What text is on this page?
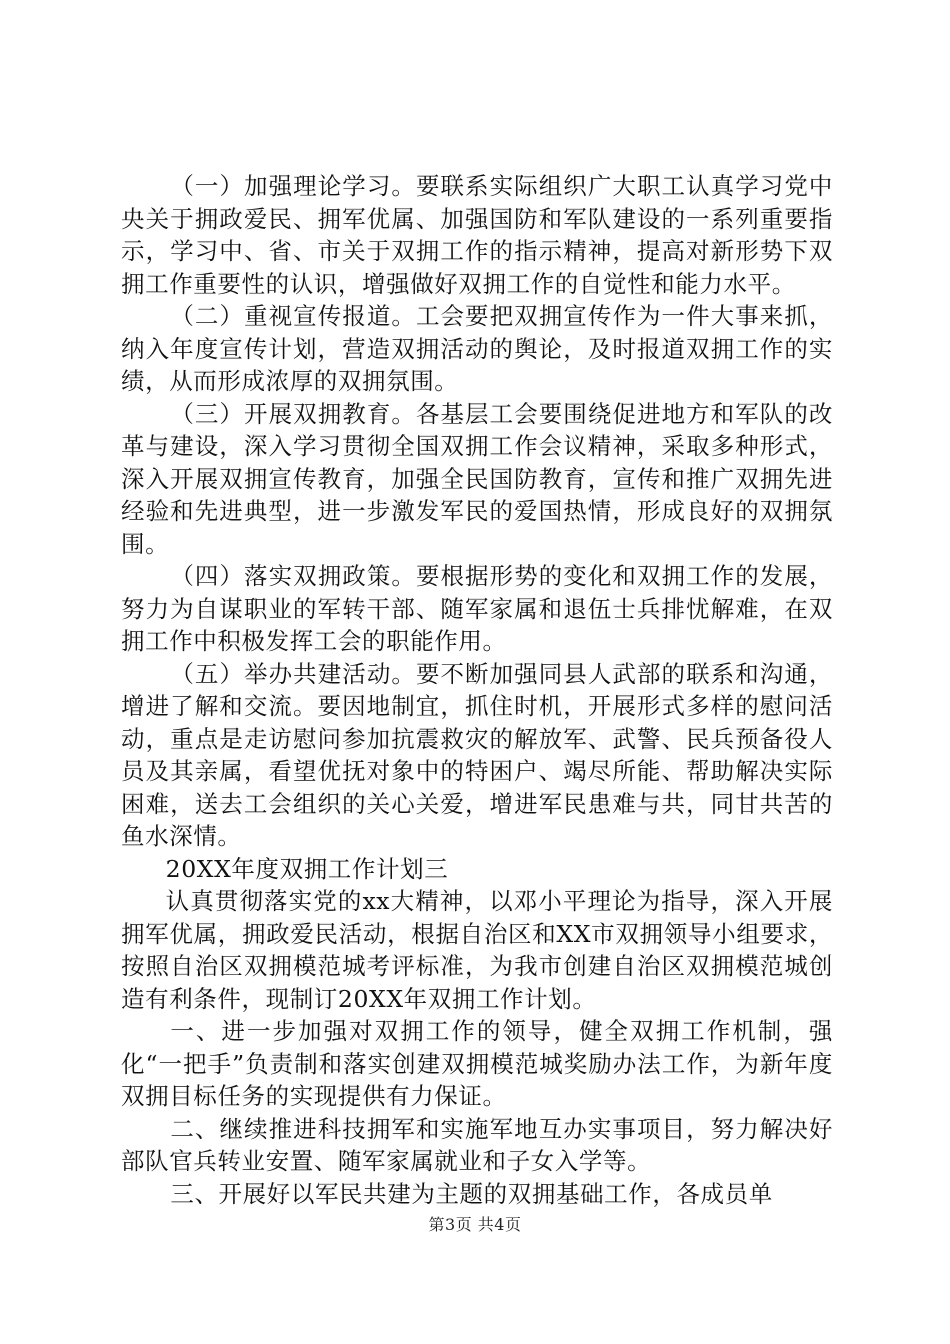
（一）加强理论学习。要联系实际组织广大职工认真学习党中央关于拥政爱民、拥军优属、加强国防和军队建设的一系列重要指示，学习中、省、市关于双拥工作的指示精神，提高对新形势下双拥工作重要性的认识，增强做好双拥工作的自觉性和能力水平。

（二）重视宣传报道。工会要把双拥宣传作为一件大事来抓，纳入年度宣传计划，营造双拥活动的舆论，及时报道双拥工作的实绩，从而形成浓厚的双拥氛围。

（三）开展双拥教育。各基层工会要围绕促进地方和军队的改革与建设，深入学习贯彻全国双拥工作会议精神，采取多种形式，深入开展双拥宣传教育，加强全民国防教育，宣传和推广双拥先进经验和先进典型，进一步激发军民的爱国热情，形成良好的双拥氛围。

（四）落实双拥政策。要根据形势的变化和双拥工作的发展，努力为自谋职业的军转干部、随军家属和退伍士兵排忧解难，在双拥工作中积极发挥工会的职能作用。

（五）举办共建活动。要不断加强同县人武部的联系和沟通，增进了解和交流。要因地制宜，抓住时机，开展形式多样的慰问活动，重点是走访慰问参加抗震救灾的解放军、武警、民兵预备役人员及其亲属，看望优抚对象中的特困户、竭尽所能、帮助解决实际困难，送去工会组织的关心关爱，增进军民患难与共，同甘共苦的鱼水深情。

20XX年度双拥工作计划三

认真贯彻落实党的xx大精神，以邓小平理论为指导，深入开展拥军优属，拥政爱民活动，根据自治区和XX市双拥领导小组要求，按照自治区双拥模范城考评标准，为我市创建自治区双拥模范城创造有利条件，现制订20XX年双拥工作计划。

一、进一步加强对双拥工作的领导，健全双拥工作机制，强化“一把手”负责制和落实创建双拥模范城奖励办法工作，为新年度双拥目标任务的实现提供有力保证。

二、继续推进科技拥军和实施军地互办实事项目，努力解决好部队官兵转业安置、随军家属就业和子女入学等。

三、开展好以军民共建为主题的双拥基础工作，各成员单

第3页 共4页
